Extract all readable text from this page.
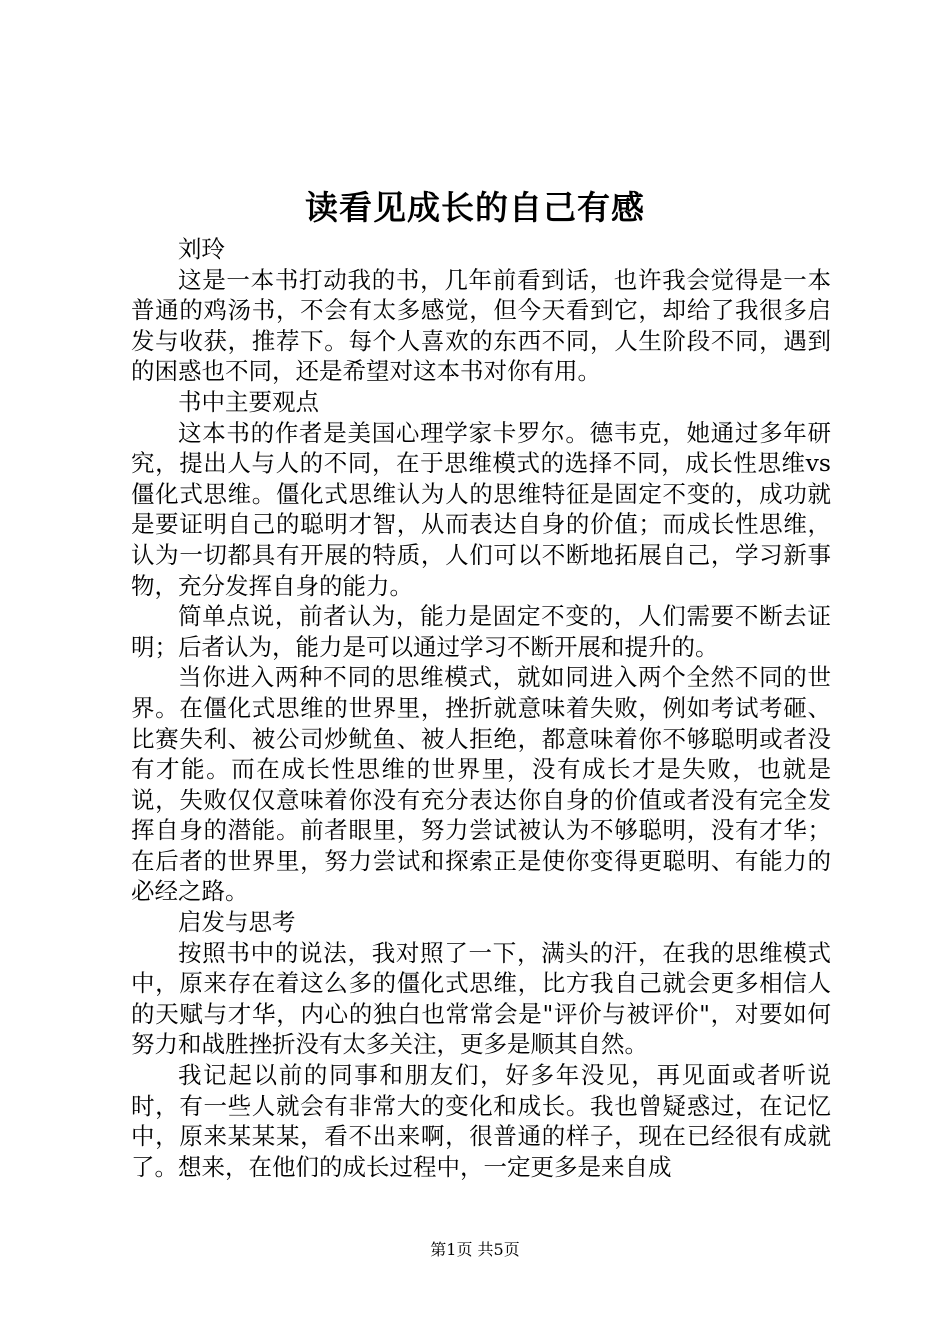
读看见成长的自己有感

刘玲

这是一本书打动我的书，几年前看到话，也许我会觉得是一本普通的鸡汤书，不会有太多感觉，但今天看到它，却给了我很多启发与收获，推荐下。每个人喜欢的东西不同，人生阶段不同，遇到的困惑也不同，还是希望对这本书对你有用。

书中主要观点

这本书的作者是美国心理学家卡罗尔。德韦克，她通过多年研究，提出人与人的不同，在于思维模式的选择不同，成长性思维vs僵化式思维。僵化式思维认为人的思维特征是固定不变的，成功就是要证明自己的聪明才智，从而表达自身的价值；而成长性思维，认为一切都具有开展的特质，人们可以不断地拓展自己，学习新事物，充分发挥自身的能力。

简单点说，前者认为，能力是固定不变的，人们需要不断去证明；后者认为，能力是可以通过学习不断开展和提升的。

当你进入两种不同的思维模式，就如同进入两个全然不同的世界。在僵化式思维的世界里，挫折就意味着失败，例如考试考砸、比赛失利、被公司炒鱿鱼、被人拒绝，都意味着你不够聪明或者没有才能。而在成长性思维的世界里，没有成长才是失败，也就是说，失败仅仅意味着你没有充分表达你自身的价值或者没有完全发挥自身的潜能。前者眼里，努力尝试被认为不够聪明，没有才华；在后者的世界里，努力尝试和探索正是使你变得更聪明、有能力的必经之路。

启发与思考

按照书中的说法，我对照了一下，满头的汗，在我的思维模式中，原来存在着这么多的僵化式思维，比方我自己就会更多相信人的天赋与才华，内心的独白也常常会是"评价与被评价"，对要如何努力和战胜挫折没有太多关注，更多是顺其自然。

我记起以前的同事和朋友们，好多年没见，再见面或者听说时，有一些人就会有非常大的变化和成长。我也曾疑惑过，在记忆中，原来某某某，看不出来啊，很普通的样子，现在已经很有成就了。想来，在他们的成长过程中，一定更多是来自成

第1页 共5页
